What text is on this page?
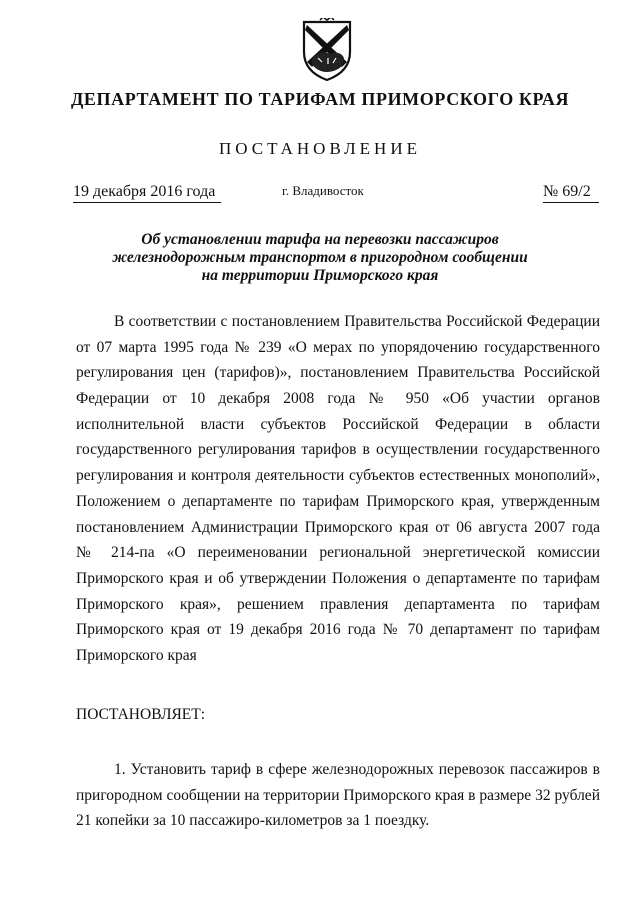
ДЕПАРТАМЕНТ ПО ТАРИФАМ ПРИМОРСКОГО КРАЯ
ПОСТАНОВЛЕНИЕ
19 декабря 2016 года	г. Владивосток	№ 69/2
Об установлении тарифа на перевозки пассажиров
железнодорожным транспортом в пригородном сообщении
на территории Приморского края
В соответствии с постановлением Правительства Российской Федерации
от 07 марта 1995 года № 239 «О мерах по упорядочению государственного
регулирования цен (тарифов)», постановлением Правительства Российской
Федерации от 10 декабря 2008 года № 950 «Об участии органов
исполнительной власти субъектов Российской Федерации в области
государственного регулирования тарифов в осуществлении государственного
регулирования и контроля деятельности субъектов естественных монополий»,
Положением о департаменте по тарифам Приморского края, утвержденным
постановлением Администрации Приморского края от 06 августа 2007 года
№ 214-па «О переименовании региональной энергетической комиссии
Приморского края и об утверждении Положения о департаменте по тарифам
Приморского края», решением правления департамента по тарифам
Приморского края от 19 декабря 2016 года № 70 департамент по тарифам
Приморского края
ПОСТАНОВЛЯЕТ:
1. Установить тариф в сфере железнодорожных перевозок пассажиров в
пригородном сообщении на территории Приморского края в размере 32 рублей
21 копейки за 10 пассажиро-километров за 1 поездку.
